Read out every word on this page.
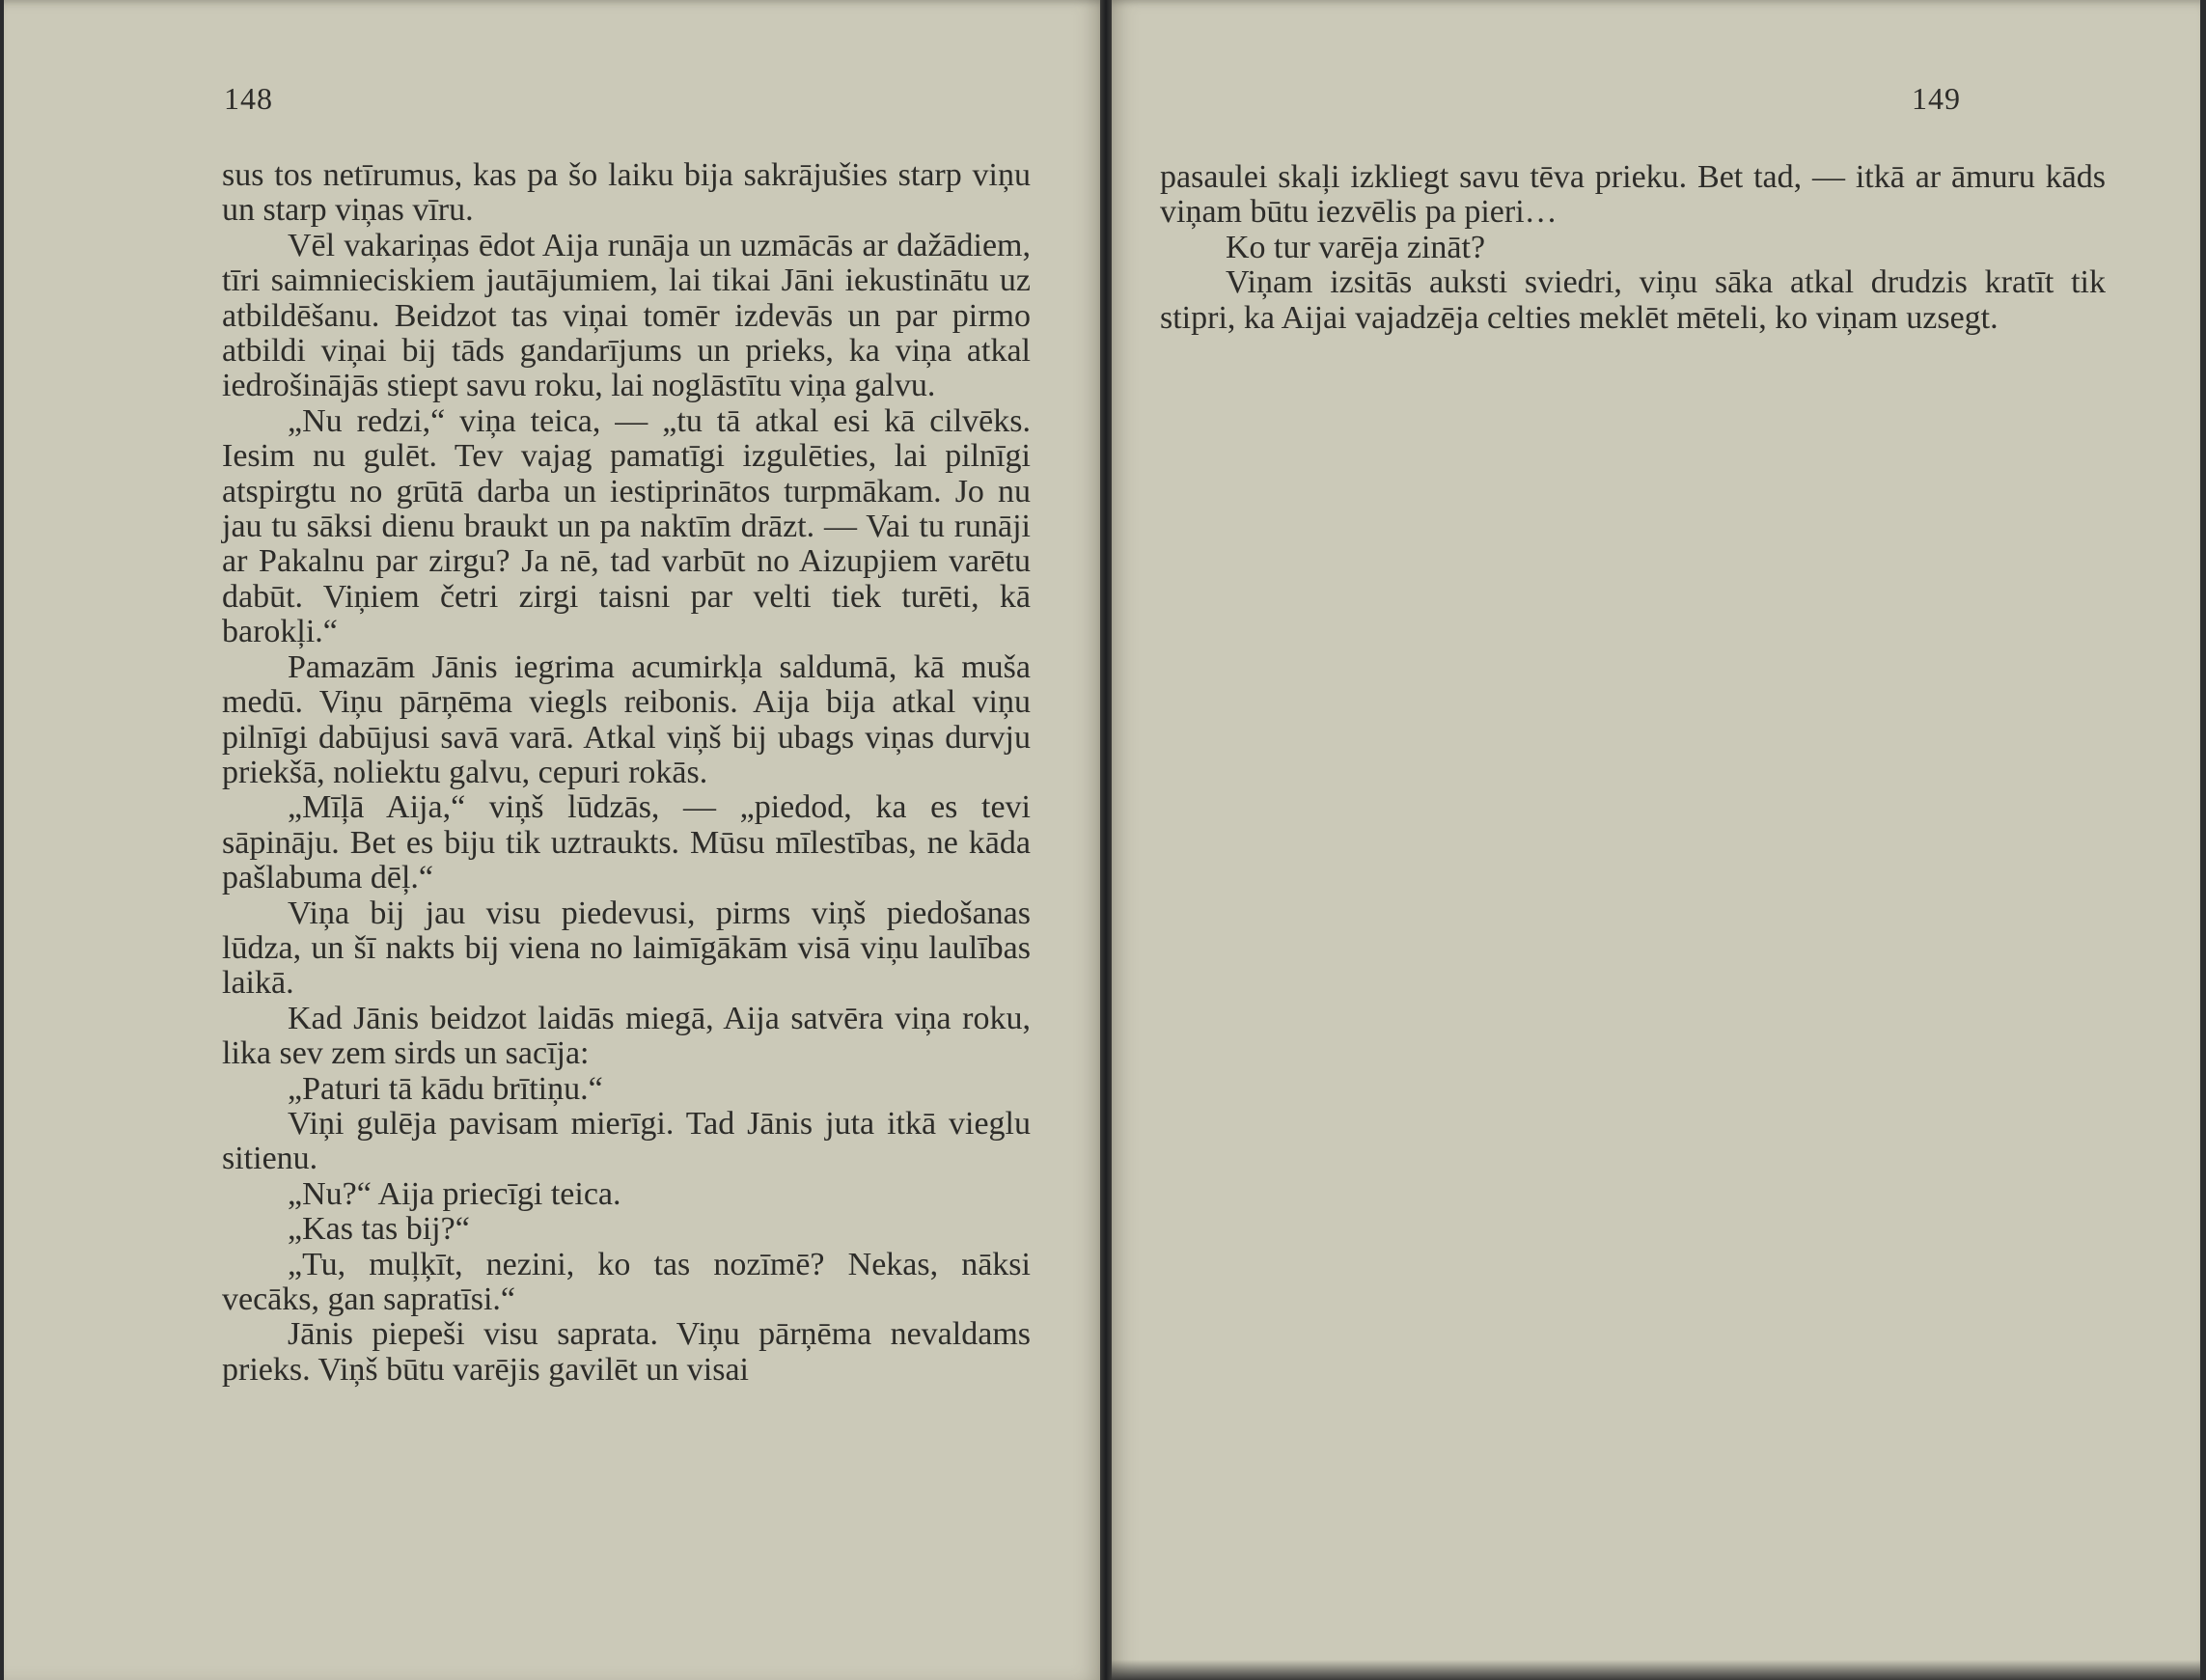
148

sus tos netīrumus, kas pa šo laiku bija sakrājušies starp viņu un starp viņas vīru.

Vēl vakariņas ēdot Aija runāja un uzmācās ar dažādiem, tīri saimnieciskiem jautājumiem, lai tikai Jāni iekustinātu uz atbildēšanu. Beidzot tas viņai tomēr izdevās un par pirmo atbildi viņai bij tāds gandarījums un prieks, ka viņa atkal iedrošinājās stiept savu roku, lai noglāstītu viņa galvu.

„Nu redzi,“ viņa teica, — „tu tā atkal esi kā cilvēks. Iesim nu gulēt. Tev vajag pamatīgi izgulēties, lai pilnīgi atspirgtu no grūtā darba un iestiprinātos turpmākam. Jo nu jau tu sāksi dienu braukt un pa naktīm drāzt. — Vai tu runāji ar Pakalnu par zirgu? Ja nē, tad varbūt no Aizupjiem varētu dabūt. Viņiem četri zirgi taisni par velti tiek turēti, kā barokļi.“

Pamazām Jānis iegrima acumirkļa saldumā, kā muša medū. Viņu pārņēma viegls reibonis. Aija bija atkal viņu pilnīgi dabūjusi savā varā. Atkal viņš bij ubags viņas durvju priekšā, noliektu galvu, cepuri rokās.

„Mīļā Aija,“ viņš lūdzās, — „piedod, ka es tevi sāpināju. Bet es biju tik uztraukts. Mūsu mīlestības, ne kāda pašlabuma dēļ.“

Viņa bij jau visu piedevusi, pirms viņš piedošanas lūdza, un šī nakts bij viena no laimīgākām visā viņu laulības laikā.

Kad Jānis beidzot laidās miegā, Aija satvēra viņa roku, lika sev zem sirds un sacīja:

„Paturi tā kādu brītiņu.“

Viņi gulēja pavisam mierīgi. Tad Jānis juta itkā vieglu sitienu.

„Nu?“ Aija priecīgi teica.

„Kas tas bij?“

„Tu, muļķīt, nezini, ko tas nozīmē? Nekas, nāksi vecāks, gan sapratīsi.“

Jānis piepeši visu saprata. Viņu pārņēma nevaldams prieks. Viņš būtu varējis gavilēt un visai

149

pasaulei skaļi izkliegt savu tēva prieku. Bet tad, — itkā ar āmuru kāds viņam būtu iezvēlis pa pieri…

Ko tur varēja zināt?

Viņam izsitās auksti sviedri, viņu sāka atkal drudzis kratīt tik stipri, ka Aijai vajadzēja celties meklēt mēteli, ko viņam uzsegt.
